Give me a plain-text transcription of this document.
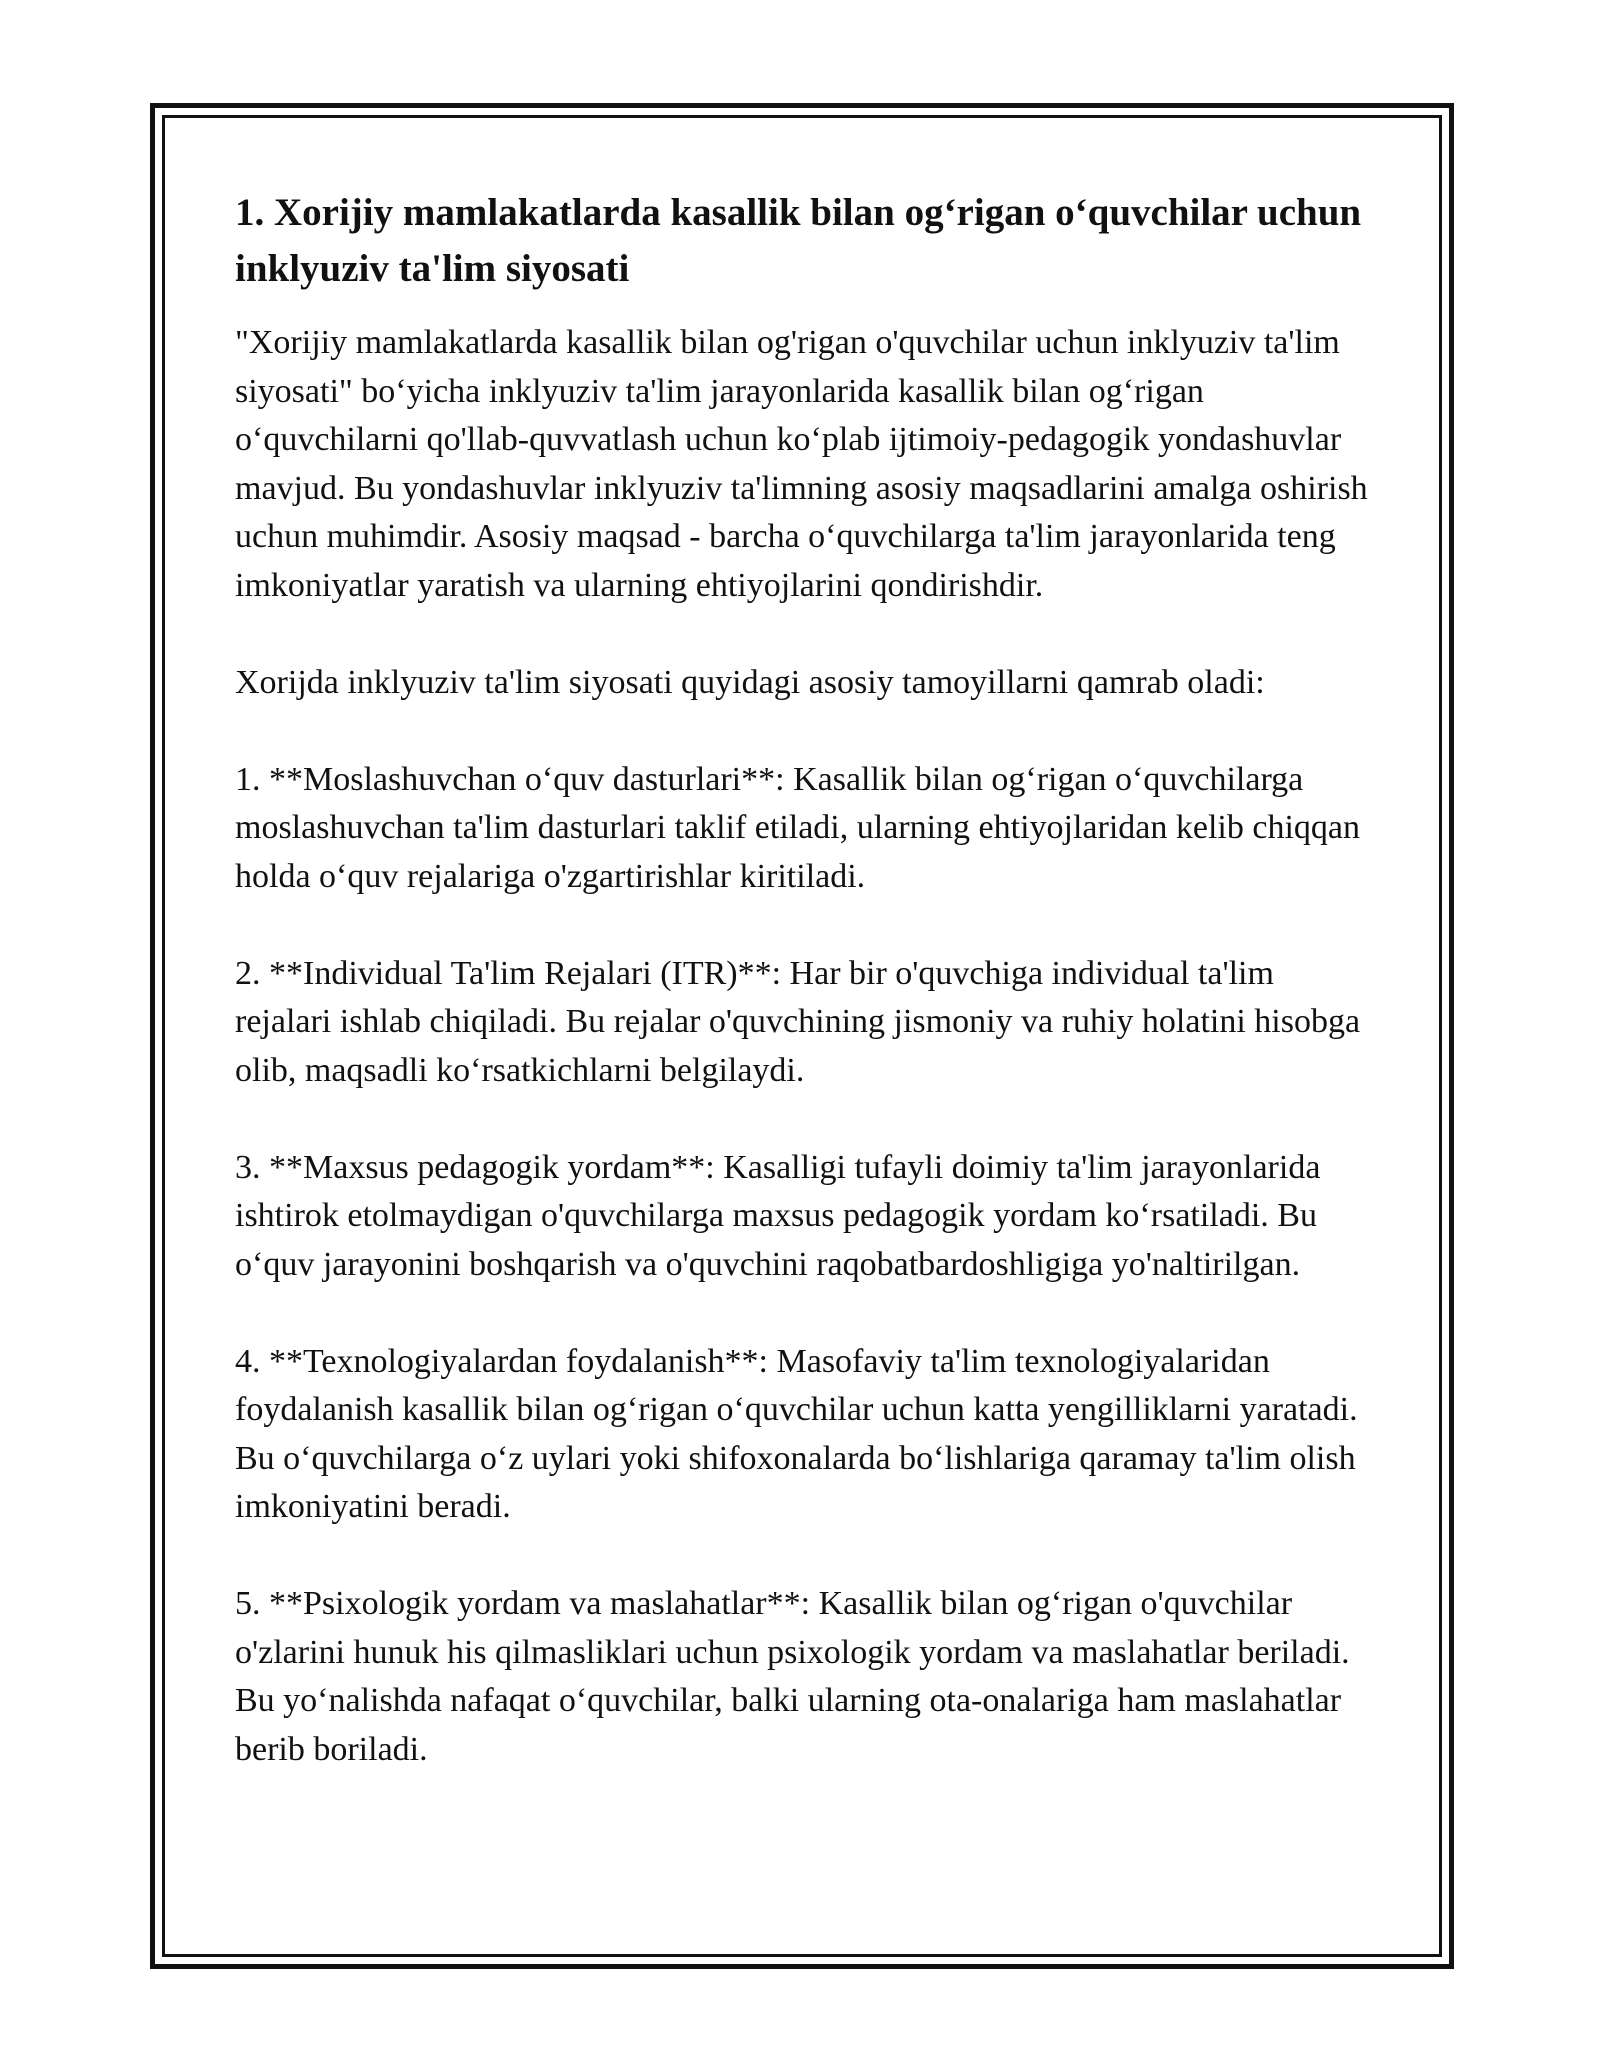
1. Xorijiy mamlakatlarda kasallik bilan og‘rigan o‘quvchilar uchun inklyuziv ta'lim siyosati

"Xorijiy mamlakatlarda kasallik bilan og'rigan o'quvchilar uchun inklyuziv ta'lim siyosati" bo‘yicha inklyuziv ta'lim jarayonlarida kasallik bilan og‘rigan o‘quvchilarni qo'llab-quvvatlash uchun ko‘plab ijtimoiy-pedagogik yondashuvlar mavjud. Bu yondashuvlar inklyuziv ta'limning asosiy maqsadlarini amalga oshirish uchun muhimdir. Asosiy maqsad - barcha o‘quvchilarga ta'lim jarayonlarida teng imkoniyatlar yaratish va ularning ehtiyojlarini qondirishdir.

Xorijda inklyuziv ta'lim siyosati quyidagi asosiy tamoyillarni qamrab oladi:

1. **Moslashuvchan o‘quv dasturlari**: Kasallik bilan og‘rigan o‘quvchilarga moslashuvchan ta'lim dasturlari taklif etiladi, ularning ehtiyojlaridan kelib chiqqan holda o‘quv rejalariga o'zgartirishlar kiritiladi.

2. **Individual Ta'lim Rejalari (ITR)**: Har bir o'quvchiga individual ta'lim rejalari ishlab chiqiladi. Bu rejalar o'quvchining jismoniy va ruhiy holatini hisobga olib, maqsadli ko‘rsatkichlarni belgilaydi.

3. **Maxsus pedagogik yordam**: Kasalligi tufayli doimiy ta'lim jarayonlarida ishtirok etolmaydigan o'quvchilarga maxsus pedagogik yordam ko‘rsatiladi. Bu o‘quv jarayonini boshqarish va o'quvchini raqobatbardoshligiga yo'naltirilgan.

4. **Texnologiyalardan foydalanish**: Masofaviy ta'lim texnologiyalaridan foydalanish kasallik bilan og‘rigan o‘quvchilar uchun katta yengilliklarni yaratadi. Bu o‘quvchilarga o‘z uylari yoki shifoxonalarda bo‘lishlariga qaramay ta'lim olish imkoniyatini beradi.

5. **Psixologik yordam va maslahatlar**: Kasallik bilan og‘rigan o'quvchilar o'zlarini hunuk his qilmasliklari uchun psixologik yordam va maslahatlar beriladi. Bu yo‘nalishda nafaqat o‘quvchilar, balki ularning ota-onalariga ham maslahatlar berib boriladi.
